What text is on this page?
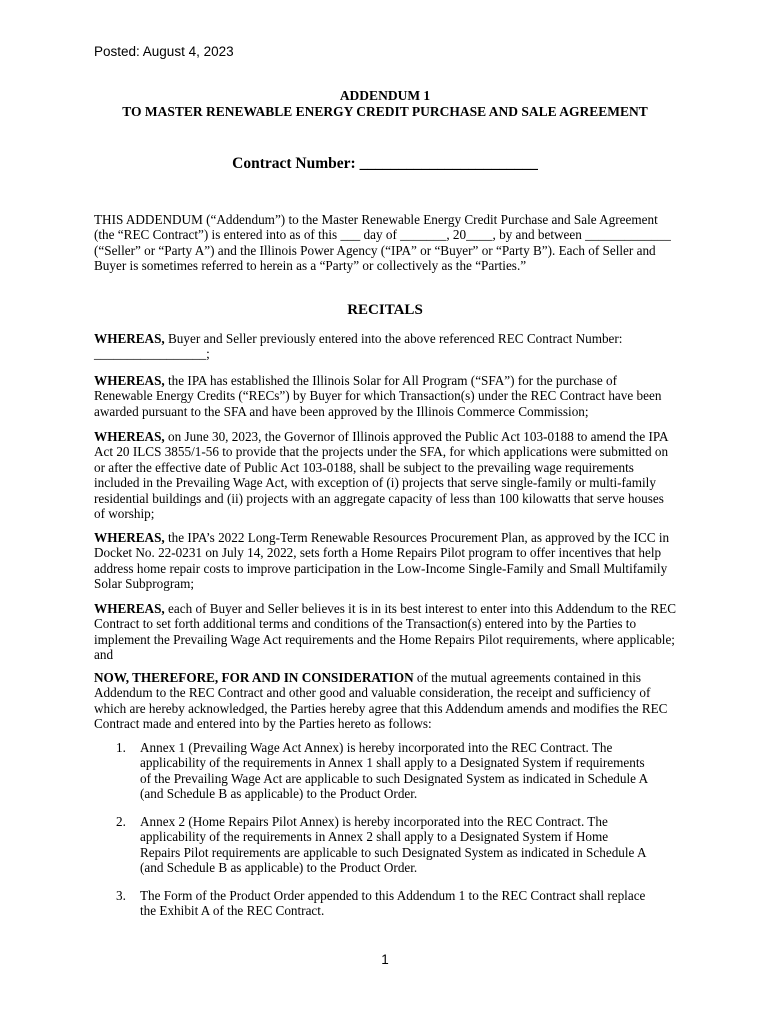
Posted: August 4, 2023
ADDENDUM 1
TO MASTER RENEWABLE ENERGY CREDIT PURCHASE AND SALE AGREEMENT
Contract Number: _______________________

THIS ADDENDUM (“Addendum”) to the Master Renewable Energy Credit Purchase and Sale Agreement (the “REC Contract”) is entered into as of this ___ day of _______, 20____, by and between _____________ (“Seller” or “Party A”) and the Illinois Power Agency (“IPA” or “Buyer” or “Party B”). Each of Seller and Buyer is sometimes referred to herein as a “Party” or collectively as the “Parties.”

RECITALS

WHEREAS, Buyer and Seller previously entered into the above referenced REC Contract Number: _________________;

WHEREAS, the IPA has established the Illinois Solar for All Program (“SFA”) for the purchase of Renewable Energy Credits (“RECs”) by Buyer for which Transaction(s) under the REC Contract have been awarded pursuant to the SFA and have been approved by the Illinois Commerce Commission;

WHEREAS, on June 30, 2023, the Governor of Illinois approved the Public Act 103-0188 to amend the IPA Act 20 ILCS 3855/1-56 to provide that the projects under the SFA, for which applications were submitted on or after the effective date of Public Act 103-0188, shall be subject to the prevailing wage requirements included in the Prevailing Wage Act, with exception of (i) projects that serve single-family or multi-family residential buildings and (ii) projects with an aggregate capacity of less than 100 kilowatts that serve houses of worship;

WHEREAS, the IPA’s 2022 Long-Term Renewable Resources Procurement Plan, as approved by the ICC in Docket No. 22-0231 on July 14, 2022, sets forth a Home Repairs Pilot program to offer incentives that help address home repair costs to improve participation in the Low-Income Single-Family and Small Multifamily Solar Subprogram;

WHEREAS, each of Buyer and Seller believes it is in its best interest to enter into this Addendum to the REC Contract to set forth additional terms and conditions of the Transaction(s) entered into by the Parties to implement the Prevailing Wage Act requirements and the Home Repairs Pilot requirements, where applicable; and

NOW, THEREFORE, FOR AND IN CONSIDERATION of the mutual agreements contained in this Addendum to the REC Contract and other good and valuable consideration, the receipt and sufficiency of which are hereby acknowledged, the Parties hereby agree that this Addendum amends and modifies the REC Contract made and entered into by the Parties hereto as follows:

1. Annex 1 (Prevailing Wage Act Annex) is hereby incorporated into the REC Contract. The applicability of the requirements in Annex 1 shall apply to a Designated System if requirements of the Prevailing Wage Act are applicable to such Designated System as indicated in Schedule A (and Schedule B as applicable) to the Product Order.
2. Annex 2 (Home Repairs Pilot Annex) is hereby incorporated into the REC Contract. The applicability of the requirements in Annex 2 shall apply to a Designated System if Home Repairs Pilot requirements are applicable to such Designated System as indicated in Schedule A (and Schedule B as applicable) to the Product Order.
3. The Form of the Product Order appended to this Addendum 1 to the REC Contract shall replace the Exhibit A of the REC Contract.
1
